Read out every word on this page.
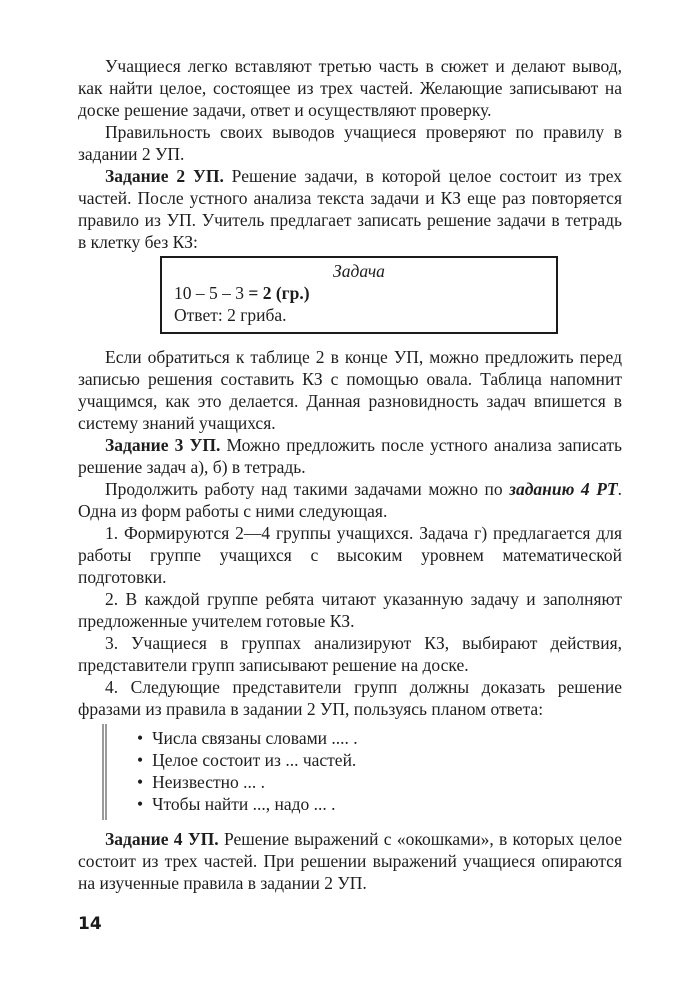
Учащиеся легко вставляют третью часть в сюжет и делают вывод, как найти целое, состоящее из трех частей. Желающие записывают на доске решение задачи, ответ и осуществляют проверку.

Правильность своих выводов учащиеся проверяют по правилу в задании 2 УП.

Задание 2 УП. Решение задачи, в которой целое состоит из трех частей. После устного анализа текста задачи и КЗ еще раз повторяется правило из УП. Учитель предлагает записать решение задачи в тетрадь в клетку без КЗ:

Задача

10 – 5 – 3 = 2 (гр.)

Ответ: 2 гриба.

Если обратиться к таблице 2 в конце УП, можно предложить перед записью решения составить КЗ с помощью овала. Таблица напомнит учащимся, как это делается. Данная разновидность задач впишется в систему знаний учащихся.

Задание 3 УП. Можно предложить после устного анализа записать решение задач а), б) в тетрадь.

Продолжить работу над такими задачами можно по заданию 4 РТ. Одна из форм работы с ними следующая.

1. Формируются 2—4 группы учащихся. Задача г) предлагается для работы группе учащихся с высоким уровнем математической подготовки.

2. В каждой группе ребята читают указанную задачу и заполняют предложенные учителем готовые КЗ.

3. Учащиеся в группах анализируют КЗ, выбирают действия, представители групп записывают решение на доске.

4. Следующие представители групп должны доказать решение фразами из правила в задании 2 УП, пользуясь планом ответа:

• Числа связаны словами .... .
• Целое состоит из ... частей.
• Неизвестно ... .
• Чтобы найти ..., надо ... .

Задание 4 УП. Решение выражений с «окошками», в которых целое состоит из трех частей. При решении выражений учащиеся опираются на изученные правила в задании 2 УП.

14
